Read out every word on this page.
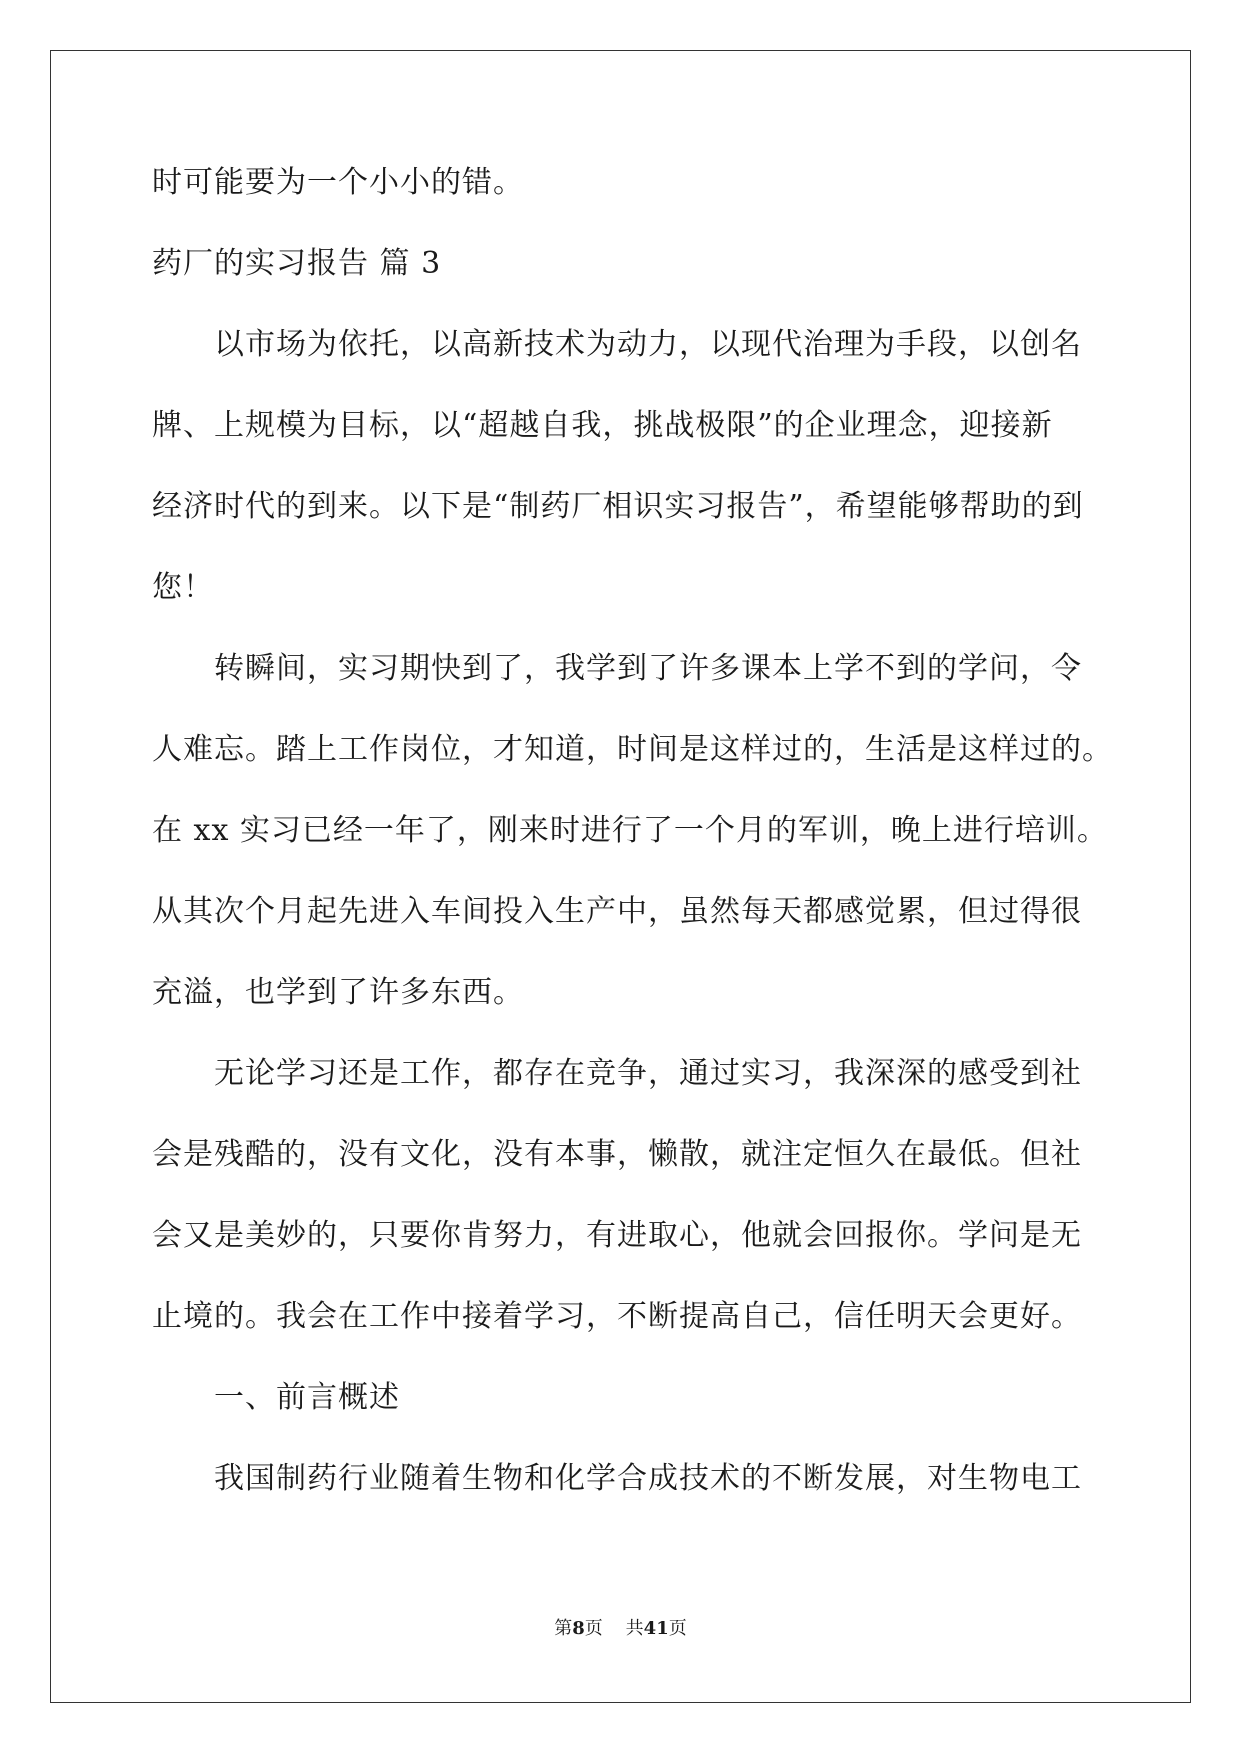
时可能要为一个小小的错。
药厂的实习报告 篇 3
以市场为依托，以高新技术为动力，以现代治理为手段，以创名
牌、上规模为目标，以“超越自我，挑战极限”的企业理念，迎接新
经济时代的到来。以下是“制药厂相识实习报告”，希望能够帮助的到
您！
转瞬间，实习期快到了，我学到了许多课本上学不到的学问，令
人难忘。踏上工作岗位，才知道，时间是这样过的，生活是这样过的。
在 xx 实习已经一年了，刚来时进行了一个月的军训，晚上进行培训。
从其次个月起先进入车间投入生产中，虽然每天都感觉累，但过得很
充溢，也学到了许多东西。
无论学习还是工作，都存在竞争，通过实习，我深深的感受到社
会是残酷的，没有文化，没有本事，懒散，就注定恒久在最低。但社
会又是美妙的，只要你肯努力，有进取心，他就会回报你。学问是无
止境的。我会在工作中接着学习，不断提高自己，信任明天会更好。
一、前言概述
我国制药行业随着生物和化学合成技术的不断发展，对生物电工
第8页 共41页
